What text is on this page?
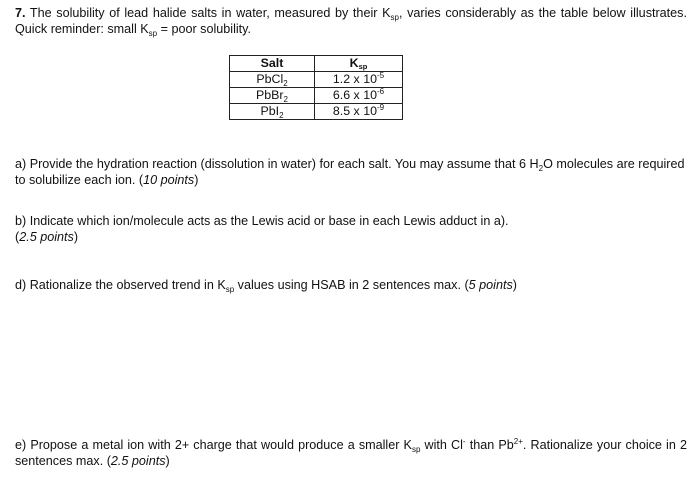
7. The solubility of lead halide salts in water, measured by their $K_{sp}$, varies considerably as the table below illustrates. Quick reminder: small $K_{sp}$ = poor solubility.

Salt	$K_{sp}$
PbCl$_2$	1.2 x $10^{-5}$
PbBr$_2$	6.6 x $10^{-6}$
PbI$_2$	8.5 x $10^{-9}$

a) Provide the hydration reaction (dissolution in water) for each salt. You may assume that 6 $H_2O$ molecules are required to solubilize each ion. (10 points)

b) Indicate which ion/molecule acts as the Lewis acid or base in each Lewis adduct in a).
(2.5 points)

d) Rationalize the observed trend in $K_{sp}$ values using HSAB in 2 sentences max. (5 points)

e) Propose a metal ion with 2+ charge that would produce a smaller $K_{sp}$ with Cl- than $Pb^{2+}$. Rationalize your choice in 2 sentences max. (2.5 points)
